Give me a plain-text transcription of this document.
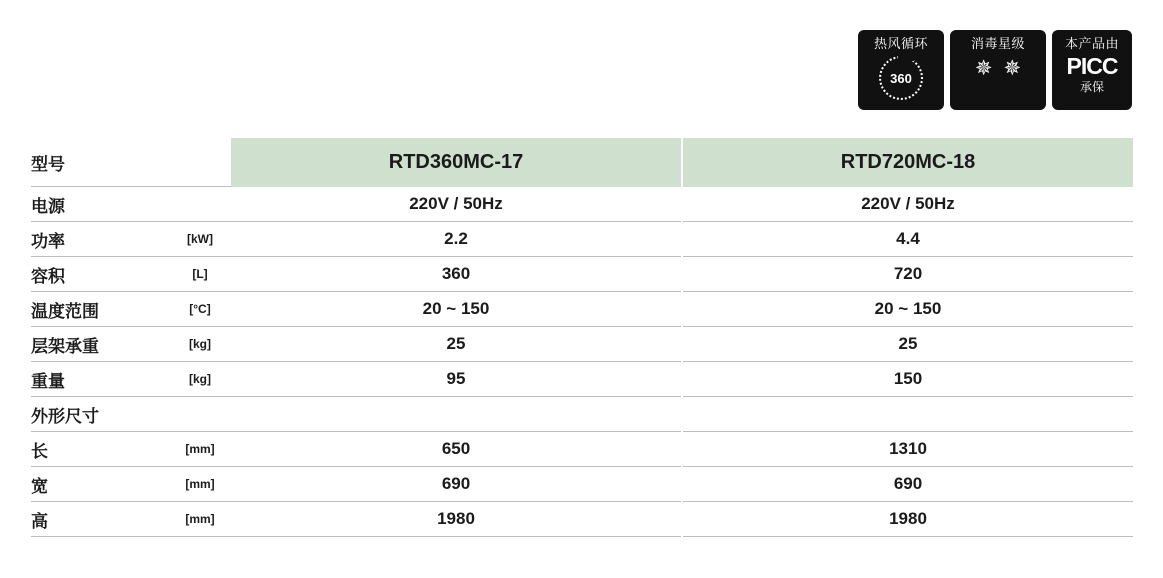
热风循环
360
消毒星级
✵ ✵
本产品由
PICC
承保
型号		RTD360MC-17	RTD720MC-18
电源		220V / 50Hz	220V / 50Hz
功率	[kW]	2.2	4.4
容积	[L]	360	720
温度范围	[°C]	20 ~ 150	20 ~ 150
层架承重	[kg]	25	25
重量	[kg]	95	150
外形尺寸			
长	[mm]	650	1310
宽	[mm]	690	690
高	[mm]	1980	1980
